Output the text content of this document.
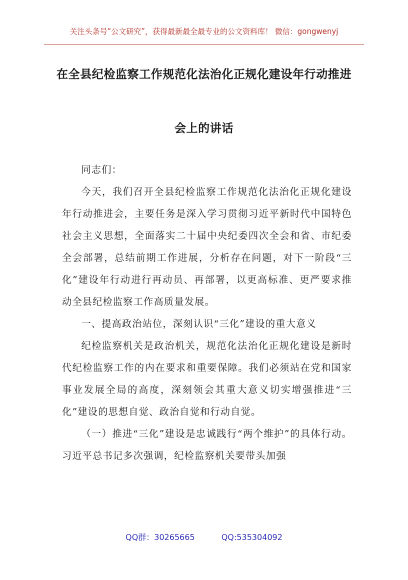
关注头条号“公文研究”，获得最新最全最专业的公文资料库！ 微信：gongwenyj
在全县纪检监察工作规范化法治化正规化建设年行动推进
会上的讲话

同志们：

今天，我们召开全县纪检监察工作规范化法治化正规化建设年行动推进会，主要任务是深入学习贯彻习近平新时代中国特色社会主义思想，全面落实二十届中央纪委四次全会和省、市纪委全会部署，总结前期工作进展，分析存在问题，对下一阶段“三化”建设年行动进行再动员、再部署，以更高标准、更严要求推动全县纪检监察工作高质量发展。

一、提高政治站位，深刻认识“三化”建设的重大意义

纪检监察机关是政治机关，规范化法治化正规化建设是新时代纪检监察工作的内在要求和重要保障。我们必须站在党和国家事业发展全局的高度，深刻领会其重大意义切实增强推进“三化”建设的思想自觉、政治自觉和行动自觉。

（一）推进“三化”建设是忠诚践行“两个维护”的具体行动。习近平总书记多次强调，纪检监察机关要带头加强

QQ群：30265665	QQ:535304092
